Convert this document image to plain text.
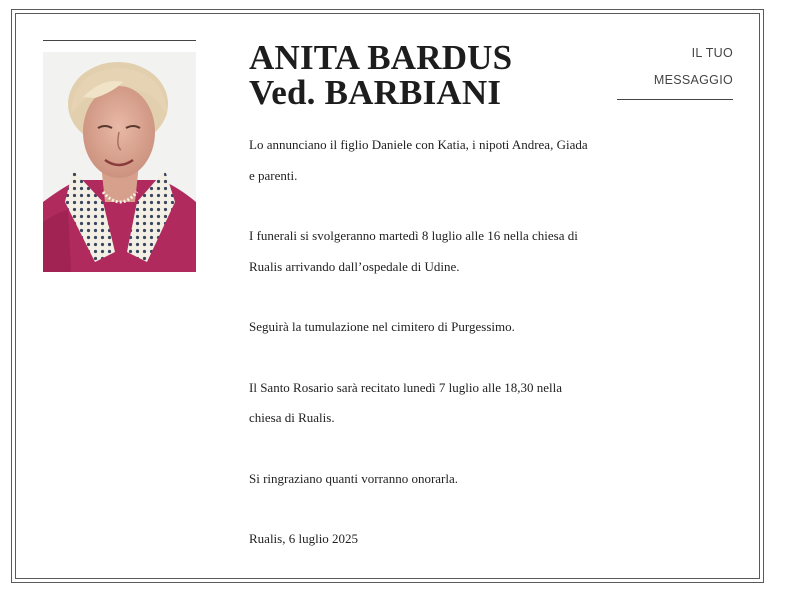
ANITA BARDUS
Ved. BARBIANI
IL TUO
MESSAGGIO

Lo annunciano il figlio Daniele con Katia, i nipoti Andrea, Giada e parenti.

I funerali si svolgeranno martedì 8 luglio alle 16 nella chiesa di Rualis arrivando dall’ospedale di Udine.

Seguirà la tumulazione nel cimitero di Purgessimo.

Il Santo Rosario sarà recitato lunedì 7 luglio alle 18,30 nella chiesa di Rualis.

Si ringraziano quanti vorranno onorarla.

Rualis, 6 luglio 2025
